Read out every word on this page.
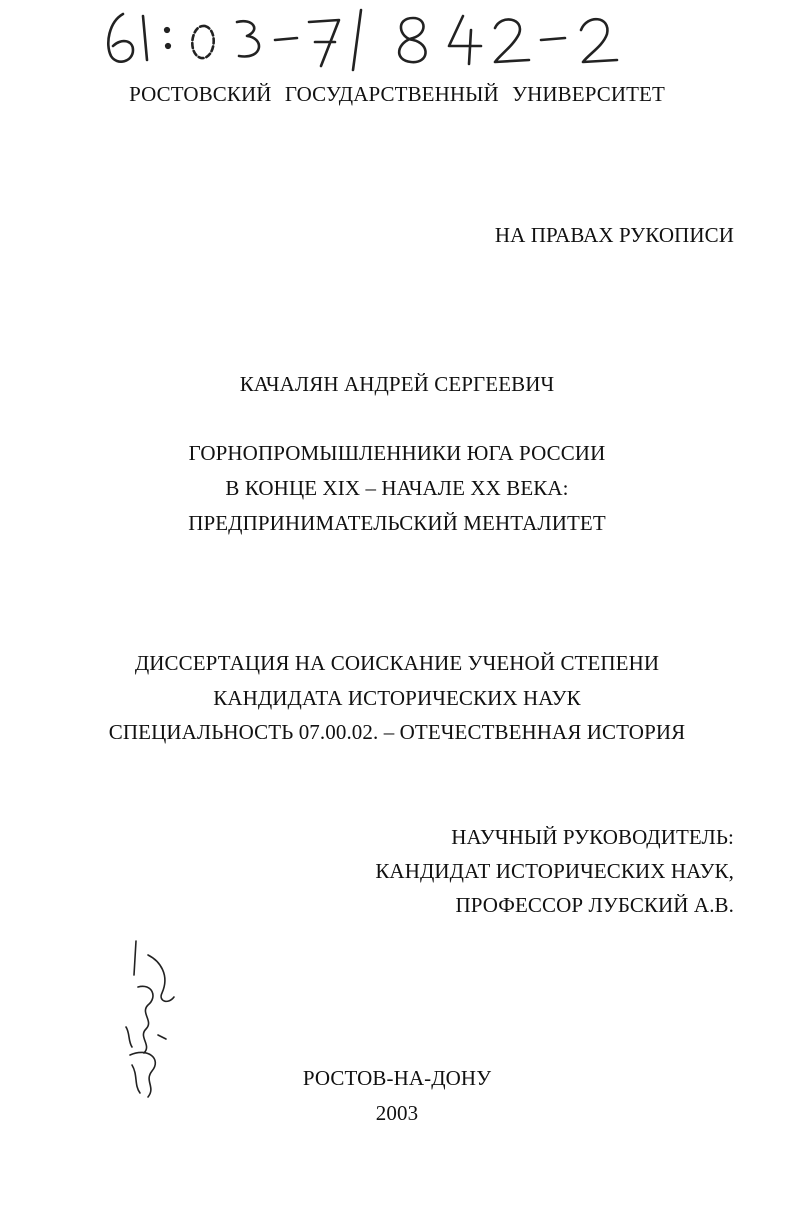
РОСТОВСКИЙ ГОСУДАРСТВЕННЫЙ УНИВЕРСИТЕТ
НА ПРАВАХ РУКОПИСИ
КАЧАЛЯН АНДРЕЙ СЕРГЕЕВИЧ
ГОРНОПРОМЫШЛЕННИКИ ЮГА РОССИИ
В КОНЦЕ XIX – НАЧАЛЕ XX ВЕКА:
ПРЕДПРИНИМАТЕЛЬСКИЙ МЕНТАЛИТЕТ
ДИССЕРТАЦИЯ НА СОИСКАНИЕ УЧЕНОЙ СТЕПЕНИ
КАНДИДАТА ИСТОРИЧЕСКИХ НАУК
СПЕЦИАЛЬНОСТЬ 07.00.02. – ОТЕЧЕСТВЕННАЯ ИСТОРИЯ
НАУЧНЫЙ РУКОВОДИТЕЛЬ:
КАНДИДАТ ИСТОРИЧЕСКИХ НАУК,
ПРОФЕССОР ЛУБСКИЙ А.В.
РОСТОВ-НА-ДОНУ
2003
